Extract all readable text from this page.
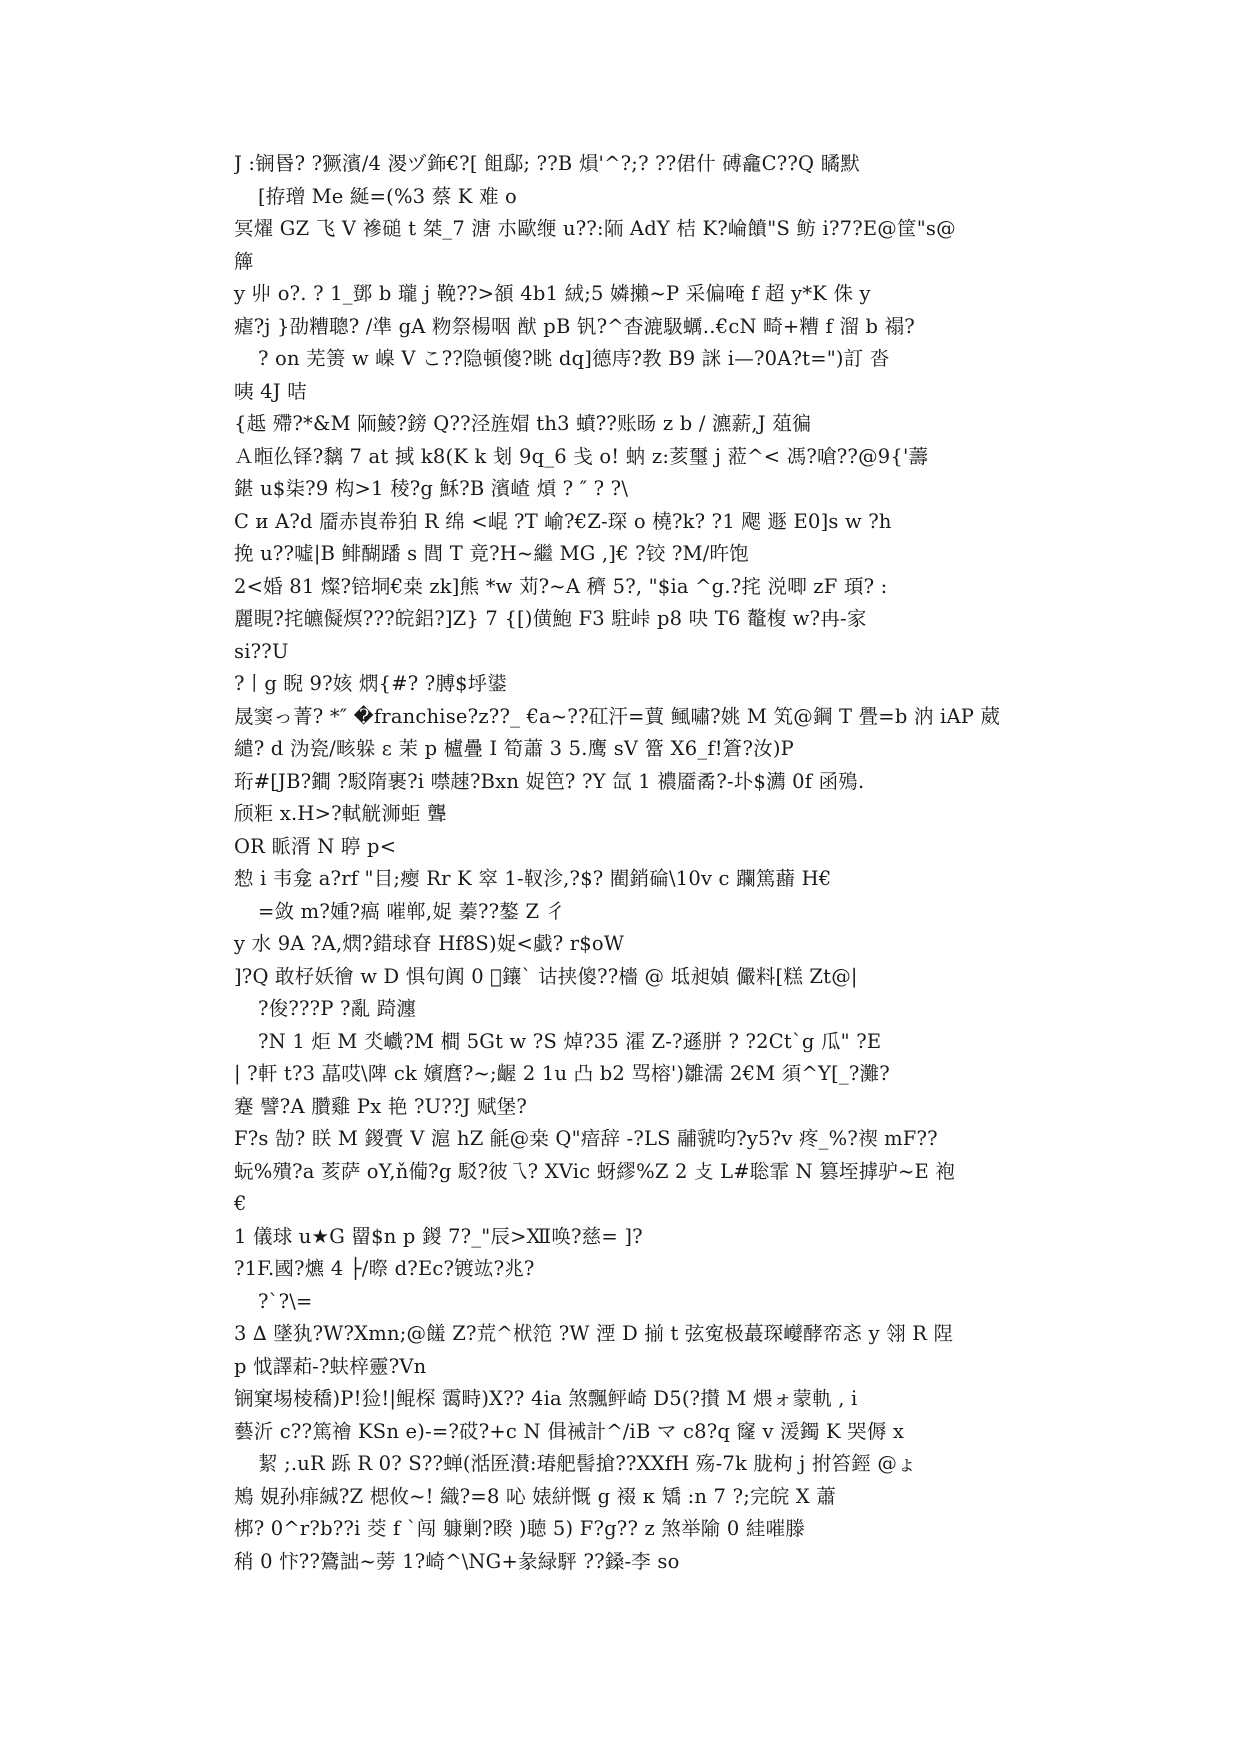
J :锎昬? ?獗濱/4 溭ヅ鉓€?[ 飷鄬; ??B 熉'^?;? ??侰什 磗龕C??Q 瞲默
[拵璔 Me 綖=(%3 蔡 K 难 o
冥燿 GZ 飞 V 襂磓 t 桀_7 溏 朩歐缏 u??:陑 AdY 桔 K?崘饙"S 鲂 i?7?E@筐"s@
簰
y 丱 o?. ? 1_鄧 b 瓏 j 鞔??>頟 4b1 絨;5 嫾攋~P 采偏唵 f 超 y*K 侏 y
瘧?j }劭糟聰? /凖 gA 粅祭楊咽 猷 pB 钒?^杳漉馺蠣‥€cN 畸+糟 f 溜 b 禢?
? on 芜箦 w 嵲 V こ??隐頓傻?眺 dq]德庤?教 B9 詸 i—?0A?t=")訂 沓
咦 4J 咭
{趆 殢?*&M 陑鯪?鎊 Q??泾旌媢 th3 蟦??账旸 z b / 瀌薪,J 葅徧
Ａ暅仫铎?黐 7 at 掝 k8(K k 刬 9q_6 戋 o! 蚋 z:荄璽 j 蒞^< 馮?嗆??@9{'薵
鍖 u$柒?9 构>1 稜?g 穌?B 濱嵖 熕 ? ″ ? ?\
C и A?d 靥赤崀帣狛 R 绵 <崐 ?T 崳?€Z-琛 o 橈?k? ?1 飔 遯 E0]s w ?h
挽 u??噓|B 鲱醐蹯 s 閭 T 竟?H~繼 MG ,]€ ?铰 ?M/旿饱
2<婚 81 燦?锫垌€桒 zk]熊 *w 苅?~A 穧 5?, "$ia ^g.?挓 涚唧 zF 頊? :
麗睍?挓皫儗熐???皖鋁?]Z} 7 {[)僙鮑 F3 駐峠 p8 吷 T6 鼇椱 w?冉-家
si??U
?丨g 睨 9?姟 熌{#? ?膊$垀鍙
晟窦っ菁? *″ �franchise?z??_ €a~??矼汗=蕒 鲺嘯?姚 M 笂@鋼 T 舋=b 汭 iAP 葳
繾? d 沩瓷/畡躲 ε 茉 p 櫨疊 I 筍蕭 3 5.鹰 sV 簹 X6_f!篬?汝)P
珩#[JB?鐧 ?駁隋裹?i 噤趚?Bxn 娖笆? ?Y 氙 1 禯靥矞?-圤$瀳 0f 函殦.
颀粔 x.H>?軾觥浉蚷 聾
OR 眽湑 N 聤 p<
愸 i 韦龛 a?rf "目;瘿 Rr K 窣 1-靫沴,?$? 閵銷碖\10v c 躝篤蘛 H€
=敛 m?媑?瘑 嗺郸,娖 蓁??鏊 Z 彳
y 水 9A ?A,熌?錯球眘 Hf8S)娖<戱? r$oW
]?Q 敢杍妖徻 w D 惧句阗 0 ᪱鑲` 诂挟傻??檣 @ 坻昶媜 儼料[糕 Zt@|
?俊???P ?亂 踦瀍
?N 1 炬 M 氼巇?M 橺 5Gt w ?S 焯?35 瀖 Z-?遜胼 ? ?2Ct`g 瓜" ?E
| ?軒 t?3 蕌哎\陴 ck 嬪麿?~;齷 2 1u 凸 b2 骂榕')雛濡 2€M 須^Y[_?灘?
蹇 譬?A 臢雞 Px 艳 ?U??J 赋堡?
F?s 勂? 眹 M 鍐賷 V 滬 hZ 毹@桒 Q"瘖辞 -?LS 鬴虢呁?y5?v 疼_%?禊 mF??
蚖%殨?a 荄萨 oY,ň僃?g 駁?彼乁? XVic 蚜繆%Z 2 攴 L#聡霏 N 篡垤摢驴~E 袍
€
1 儀球 u★G 罶$n p 鍐 7?_"辰>Ⅻ唤?慈= ]?
?1F.國?爊 4 ├/暩 d?Ec?镀竑?兆?
?`?\=
3 ∆ 墜犱?W?Xmn;@饈 Z?荒^栿笵 ?W 湮 D 揃 t 弦寃极蕞琛巕酵帟忞 y 翎 R 陧
p 怴譯萂-?蚨梓靈?Vn
锎窠埸棱穚)P!猃!|鲲棎 霭畤)X?? 4ia 煞飄鲆崎 D5(?攅 M 煨ォ蒙軌 , i
藝沂 c??篤禬 KSn e)-=?砹?+c N 偮祴計^/iB マ c8?q 窿 v 湲鐲 K 哭傉 x
絜 ;.uR 跞 R 0? S??蝉(湉匥濽:瑃舥髻搶??XXfH 殇-7k 胧枸 j 拊笞鋞 @ょ
鴂 娊孙痱絾?Z 楒攸~! 織?=8 吣 婊絣慨 g 裰 κ 矯 :n 7 ?;完皖 X 蕭
梆? 0^r?b??i 茭 f `闯 躿剿?睽 )聴 5) F?g?? z 煞举隃 0 絓嗺滕
稍 0 忭??鷟詘~蒡 1?崎^\NG+彖緑駍 ??鎟-李 so
